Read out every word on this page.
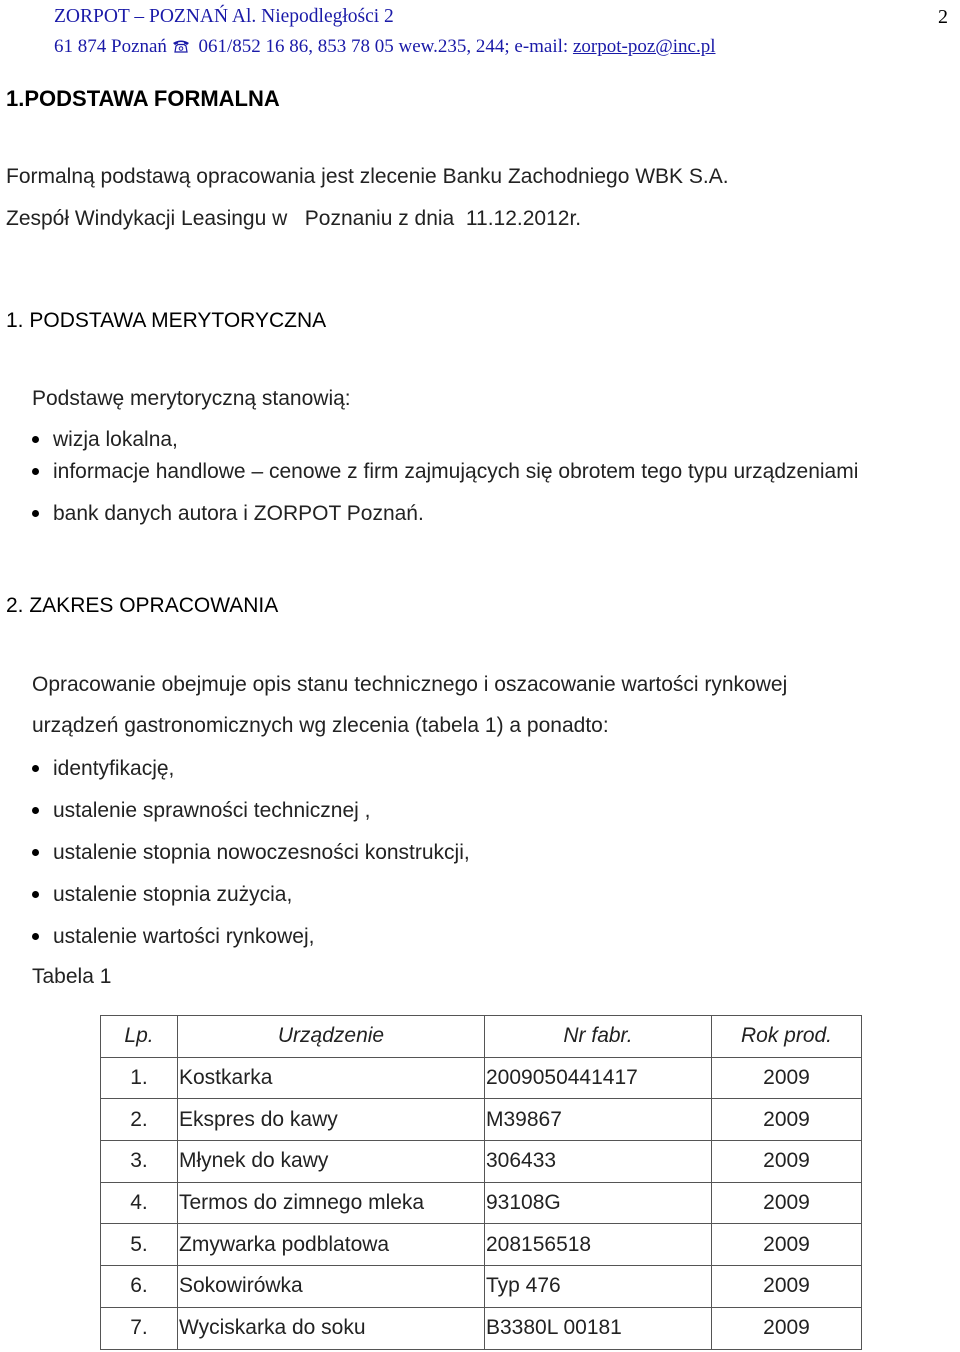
ZORPOT – POZNAŃ Al. Niepodległości 2
61 874 Poznań 061/852 16 86, 853 78 05 wew.235, 244; e-mail: zorpot-poz@inc.pl
2
1.PODSTAWA FORMALNA
Formalną podstawą opracowania jest zlecenie Banku Zachodniego WBK S.A.
Zespół Windykacji Leasingu w   Poznaniu z dnia  11.12.2012r.
1. PODSTAWA MERYTORYCZNA
Podstawę merytoryczną stanowią:
wizja lokalna,
informacje handlowe – cenowe z firm zajmujących się obrotem tego typu urządzeniami
bank danych autora i ZORPOT Poznań.
2. ZAKRES OPRACOWANIA
Opracowanie obejmuje opis stanu technicznego i oszacowanie wartości rynkowej
urządzeń gastronomicznych wg zlecenia (tabela 1) a ponadto:
identyfikację,
ustalenie sprawności technicznej ,
ustalenie stopnia nowoczesności konstrukcji,
ustalenie stopnia zużycia,
ustalenie wartości rynkowej,
Tabela 1
Lp.	Urządzenie	Nr fabr.	Rok prod.
1.	Kostkarka	2009050441417	2009
2.	Ekspres do kawy	M39867	2009
3.	Młynek do kawy	306433	2009
4.	Termos do zimnego mleka	93108G	2009
5.	Zmywarka podblatowa	208156518	2009
6.	Sokowirówka	Typ 476	2009
7.	Wyciskarka do soku	B3380L 00181	2009
